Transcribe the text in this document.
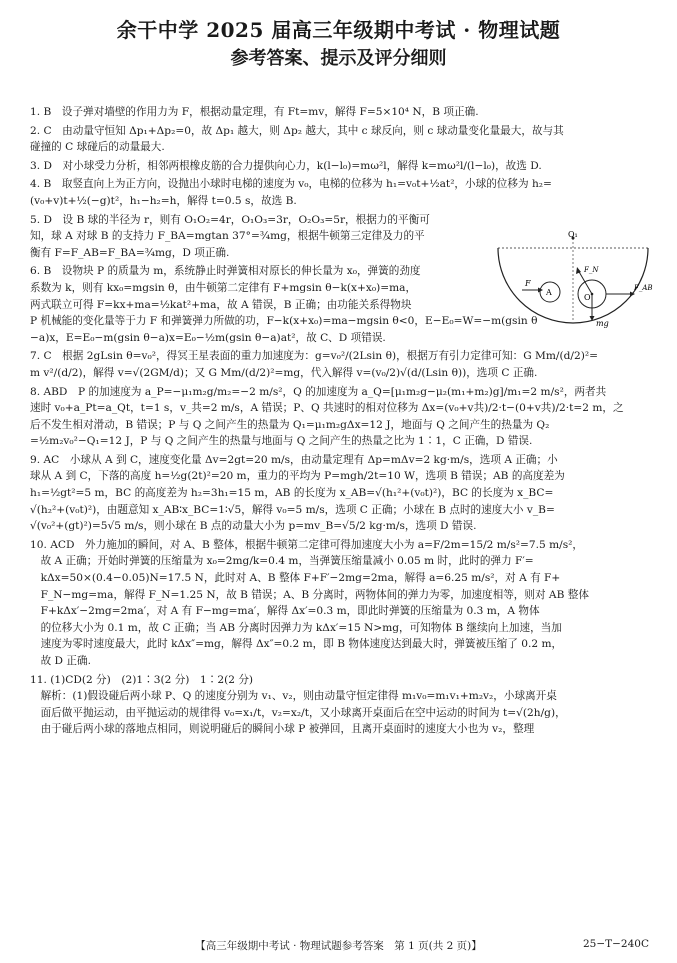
余干中学 2025 届高三年级期中考试 · 物理试题
参考答案、提示及评分细则
1. B　设子弹对墙壁的作用力为 F，根据动量定理，有 Ft=mv，解得 F=5×10⁴ N，B 项正确.
2. C　由动量守恒知 Δp₁+Δp₂=0，故 Δp₁ 越大，则 Δp₂ 越大，其中 c 球反向，则 c 球动量变化量最大，故与其
碰撞的 C 球碰后的动量最大.
3. D　对小球受力分析，相邻两根橡皮筋的合力提供向心力，k(l−l₀)=mω²l，解得 k=mω²l/(l−l₀)，故选 D.
4. B　取竖直向上为正方向，设抛出小球时电梯的速度为 v₀，电梯的位移为 h₁=v₀t+½at²，小球的位移为 h₂=
(v₀+v)t+½(−g)t²，h₁−h₂=h，解得 t=0.5 s，故选 B.
5. D　设 B 球的半径为 r，则有 O₁O₂=4r，O₁O₃=3r，O₂O₃=5r，根据力的平衡可
知，球 A 对球 B 的支持力 F_BA=mgtan 37°=¾mg，根据牛顿第三定律及力的平
衡有 F=F_AB=F_BA=¾mg，D 项正确.
6. B　设物块 P 的质量为 m，系统静止时弹簧相对原长的伸长量为 x₀，弹簧的劲度
系数为 k，则有 kx₀=mgsin θ，由牛顿第二定律有 F+mgsin θ−k(x+x₀)=ma，
两式联立可得 F=kx+ma=½kat²+ma，故 A 错误，B 正确；由功能关系得物块
P 机械能的变化量等于力 F 和弹簧弹力所做的功，F−k(x+x₀)=ma−mgsin θ<0，E−E₀=W=−m(gsin θ
−a)x，E=E₀−m(gsin θ−a)x=E₀−½m(gsin θ−a)at²，故 C、D 项错误.
7. C　根据 2gLsin θ=v₀²，得冥王星表面的重力加速度为：g=v₀²/(2Lsin θ)，根据万有引力定律可知：G Mm/(d/2)²=
m v²/(d/2)，解得 v=√(2GM/d)；又 G Mm/(d/2)²=mg，代入解得 v=(v₀/2)√(d/(Lsin θ))，选项 C 正确.
8. ABD　P 的加速度为 a_P=−μ₁m₂g/m₂=−2 m/s²，Q 的加速度为 a_Q=[μ₁m₂g−μ₂(m₁+m₂)g]/m₁=2 m/s²，两者共
速时 v₀+a_Pt=a_Qt，t=1 s，v_共=2 m/s，A 错误；P、Q 共速时的相对位移为 Δx=(v₀+v共)/2·t−(0+v共)/2·t=2 m，之
后不发生相对滑动，B 错误；P 与 Q 之间产生的热量为 Q₁=μ₁m₂gΔx=12 J，地面与 Q 之间产生的热量为 Q₂
=½m₂v₀²−Q₁=12 J，P 与 Q 之间产生的热量与地面与 Q 之间产生的热量之比为 1∶1，C 正确，D 错误.
9. AC　小球从 A 到 C，速度变化量 Δv=2gt=20 m/s，由动量定理有 Δp=mΔv=2 kg·m/s，选项 A 正确；小
球从 A 到 C，下落的高度 h=½g(2t)²=20 m，重力的平均为 P=mgh/2t=10 W，选项 B 错误；AB 的高度差为
h₁=½gt²=5 m，BC 的高度差为 h₂=3h₁=15 m，AB 的长度为 x_AB=√(h₁²+(v₀t)²)，BC 的长度为 x_BC=
√(h₂²+(v₀t)²)，由题意知 x_AB∶x_BC=1∶√5，解得 v₀=5 m/s，选项 C 正确；小球在 B 点时的速度大小 v_B=
√(v₀²+(gt)²)=5√5 m/s，则小球在 B 点的动量大小为 p=mv_B=√5/2 kg·m/s，选项 D 错误.
10. ACD　外力施加的瞬间，对 A、B 整体，根据牛顿第二定律可得加速度大小为 a=F/2m=15/2 m/s²=7.5 m/s²，
　故 A 正确；开始时弹簧的压缩量为 x₀=2mg/k=0.4 m，当弹簧压缩量减小 0.05 m 时，此时的弹力 F′=
　kΔx=50×(0.4−0.05)N=17.5 N，此时对 A、B 整体 F+F′−2mg=2ma，解得 a=6.25 m/s²，对 A 有 F+
　F_N−mg=ma，解得 F_N=1.25 N，故 B 错误；A、B 分离时，两物体间的弹力为零，加速度相等，则对 AB 整体
　F+kΔx′−2mg=2ma′，对 A 有 F−mg=ma′，解得 Δx′=0.3 m，即此时弹簧的压缩量为 0.3 m，A 物体
　的位移大小为 0.1 m，故 C 正确；当 AB 分离时因弹力为 kΔx′=15 N>mg，可知物体 B 继续向上加速，当加
　速度为零时速度最大，此时 kΔx″=mg，解得 Δx″=0.2 m，即 B 物体速度达到最大时，弹簧被压缩了 0.2 m，
　故 D 正确.
11. (1)CD(2 分)　(2)1∶3(2 分)　1∶2(2 分)
　解析：(1)假设碰后两小球 P、Q 的速度分别为 v₁、v₂，则由动量守恒定律得 m₁v₀=m₁v₁+m₂v₂，小球离开桌
　面后做平抛运动，由平抛运动的规律得 v₀=x₁/t，v₂=x₂/t，又小球离开桌面后在空中运动的时间为 t=√(2h/g)，
　由于碰后两小球的落地点相同，则说明碰后的瞬间小球 P 被弹回，且离开桌面时的速度大小也为 v₂，整理
O₁
A
O
F
F_N
F_AB
mg
【高三年级期中考试 · 物理试题参考答案　第 1 页(共 2 页)】	25−T−240C
